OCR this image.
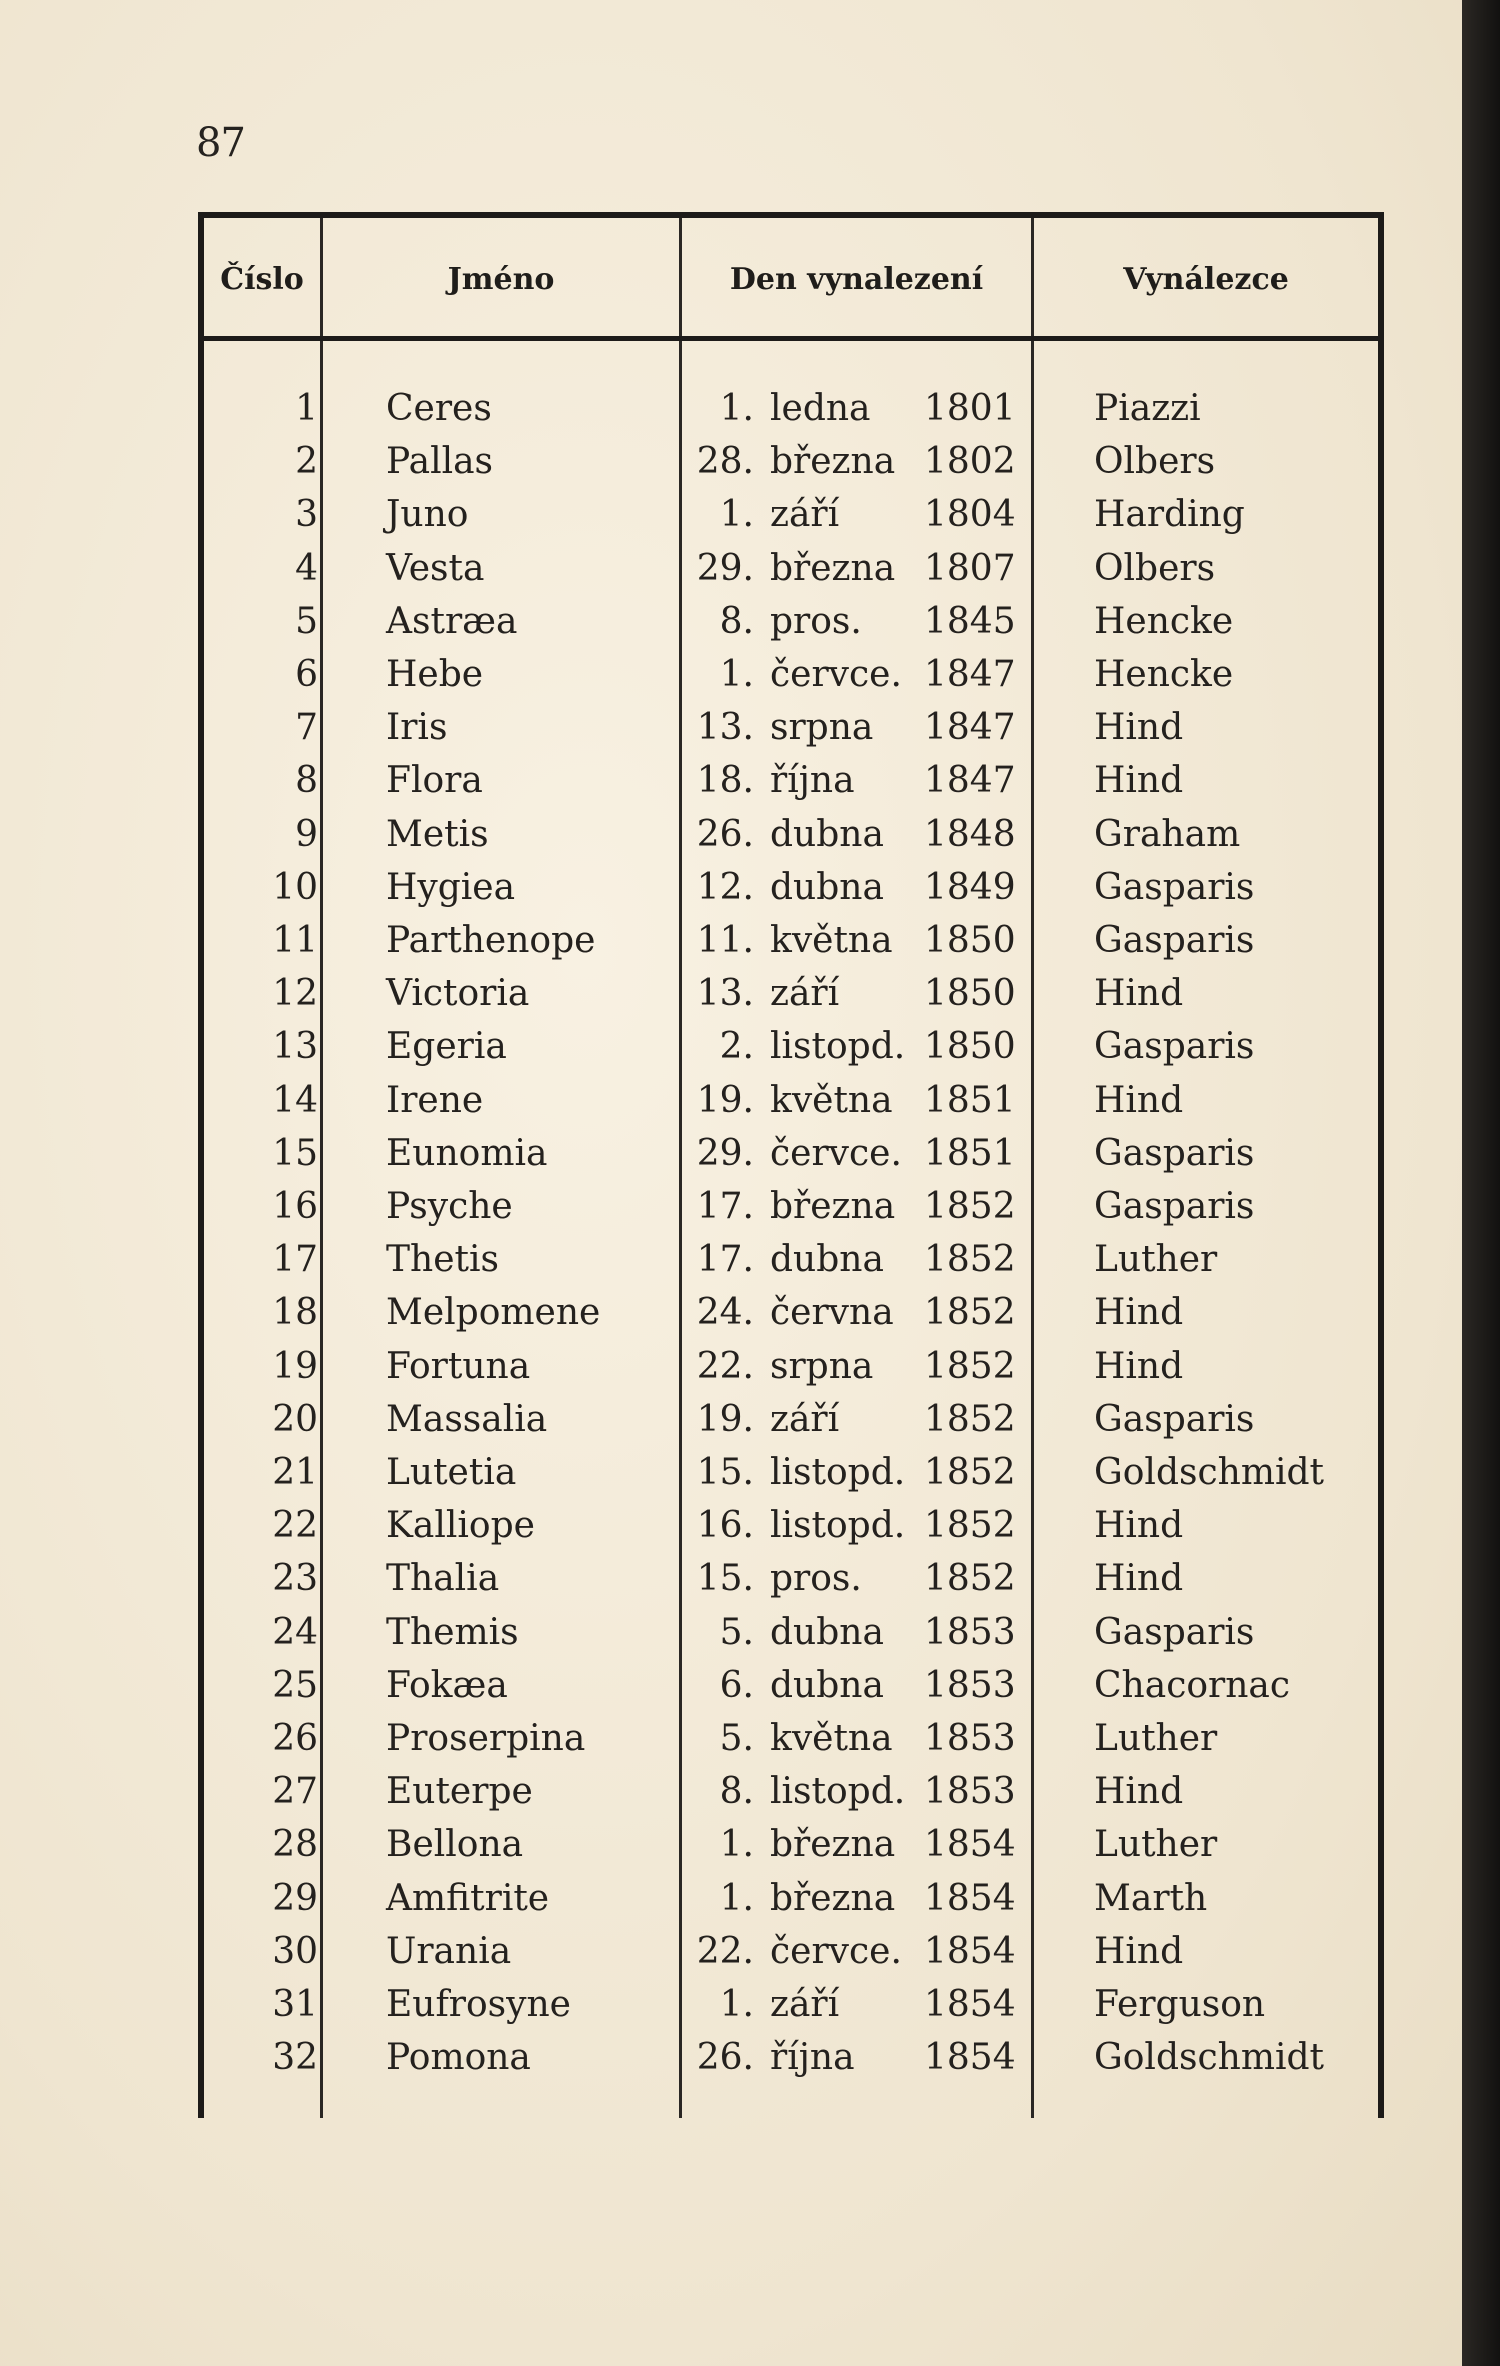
87
Číslo	Jméno	Den vynalezení	Vynálezce
1 Ceres	1. ledna 1801 Piazzi
2 Pallas	28. března 1802 Olbers
3 Juno	1. září 1804 Harding
4 Vesta	29. března 1807 Olbers
5 Astræa	8. pros. 1845 Hencke
6 Hebe	1. červce. 1847 Hencke
7 Iris	13. srpna 1847 Hind
8 Flora	18. října 1847 Hind
9 Metis	26. dubna 1848 Graham
10 Hygiea	12. dubna 1849 Gasparis
11 Parthenope	11. května 1850 Gasparis
12 Victoria	13. září 1850 Hind
13 Egeria	2. listopd. 1850 Gasparis
14 Irene	19. května 1851 Hind
15 Eunomia	29. červce. 1851 Gasparis
16 Psyche	17. března 1852 Gasparis
17 Thetis	17. dubna 1852 Luther
18 Melpomene	24. června 1852 Hind
19 Fortuna	22. srpna 1852 Hind
20 Massalia	19. září 1852 Gasparis
21 Lutetia	15. listopd. 1852 Goldschmidt
22 Kalliope	16. listopd. 1852 Hind
23 Thalia	15. pros. 1852 Hind
24 Themis	5. dubna 1853 Gasparis
25 Fokæa	6. dubna 1853 Chacornac
26 Proserpina	5. května 1853 Luther
27 Euterpe	8. listopd. 1853 Hind
28 Bellona	1. března 1854 Luther
29 Amfitrite	1. března 1854 Marth
30 Urania	22. červce. 1854 Hind
31 Eufrosyne	1. září 1854 Ferguson
32 Pomona	26. října 1854 Goldschmidt
